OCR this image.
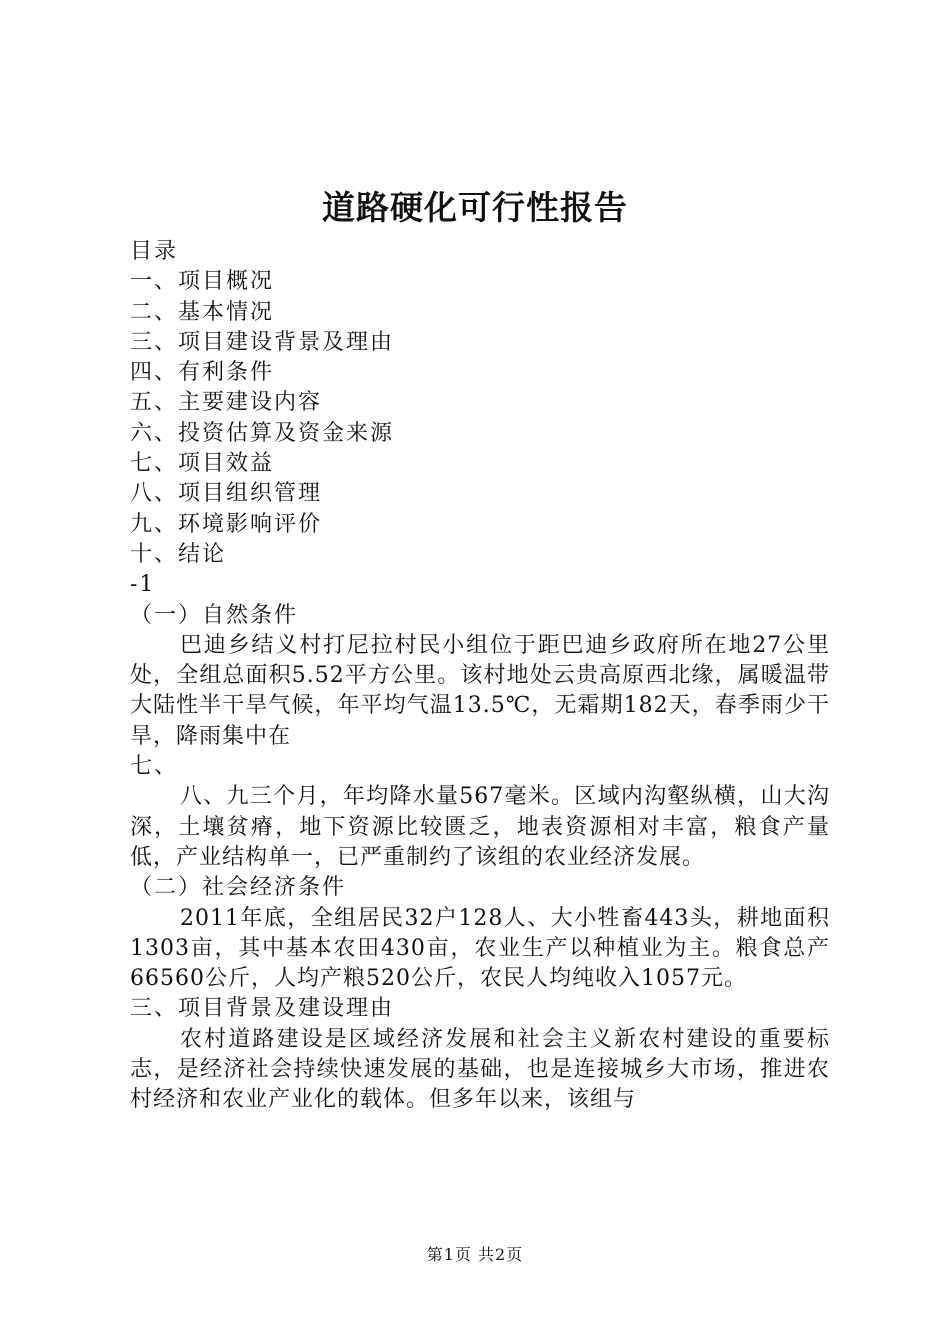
道路硬化可行性报告

目录

一、项目概况

二、基本情况

三、项目建设背景及理由

四、有利条件

五、主要建设内容

六、投资估算及资金来源

七、项目效益

八、项目组织管理

九、环境影响评价

十、结论

-1

（一）自然条件

巴迪乡结义村打尼拉村民小组位于距巴迪乡政府所在地27公里处，全组总面积5.52平方公里。该村地处云贵高原西北缘，属暖温带大陆性半干旱气候，年平均气温13.5℃，无霜期182天，春季雨少干旱，降雨集中在

七、

八、九三个月，年均降水量567毫米。区域内沟壑纵横，山大沟深，土壤贫瘠，地下资源比较匮乏，地表资源相对丰富，粮食产量低，产业结构单一，已严重制约了该组的农业经济发展。

（二）社会经济条件

2011年底，全组居民32户128人、大小牲畜443头，耕地面积1303亩，其中基本农田430亩，农业生产以种植业为主。粮食总产66560公斤，人均产粮520公斤，农民人均纯收入1057元。

三、项目背景及建设理由

农村道路建设是区域经济发展和社会主义新农村建设的重要标志，是经济社会持续快速发展的基础，也是连接城乡大市场，推进农村经济和农业产业化的载体。但多年以来，该组与

第1页 共2页
